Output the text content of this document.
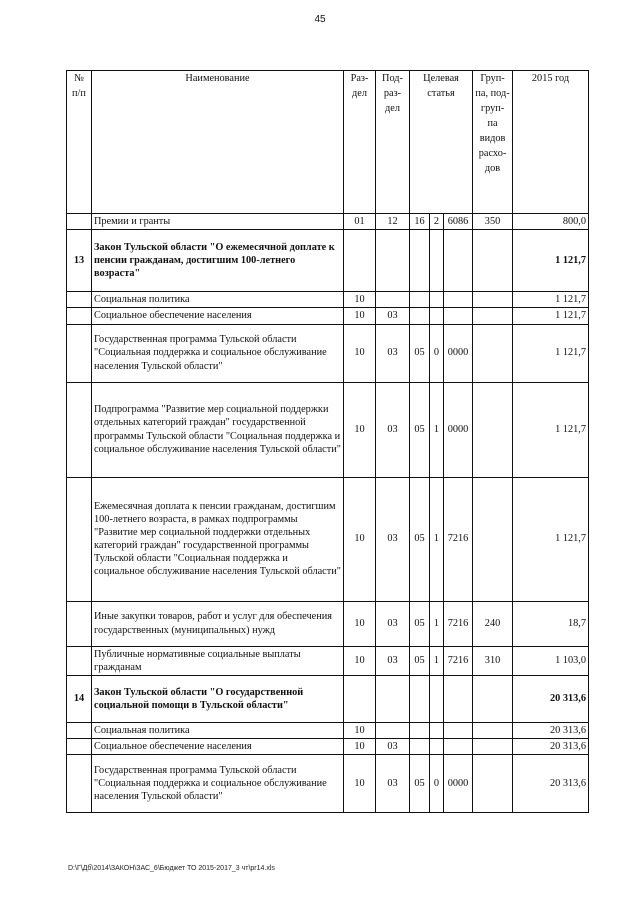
45
№ п/п	Наименование	Раз- дел	Под- раз- дел	Целевая статья			Груп- па, под- груп- па видов расхо- дов	2015 год
	Премии и гранты	01	12	16	2	6086	350	800,0
13	Закон Тульской области "О ежемесячной доплате к пенсии гражданам, достигшим 100-летнего возраста"							1 121,7
	Социальная политика	10						1 121,7
	Социальное обеспечение населения	10	03					1 121,7
	Государственная программа Тульской области "Социальная поддержка и социальное обслуживание населения Тульской области"	10	03	05	0	0000		1 121,7
	Подпрограмма "Развитие мер социальной поддержки отдельных категорий граждан" государственной программы Тульской области "Социальная поддержка и социальное обслуживание населения Тульской области"	10	03	05	1	0000		1 121,7
	Ежемесячная доплата к пенсии гражданам, достигшим 100-летнего возраста, в рамках подпрограммы "Развитие мер социальной поддержки отдельных категорий граждан" государственной программы Тульской области "Социальная поддержка и социальное обслуживание населения Тульской области"	10	03	05	1	7216		1 121,7
	Иные закупки товаров, работ и услуг для обеспечения государственных (муниципальных) нужд	10	03	05	1	7216	240	18,7
	Публичные нормативные социальные выплаты гражданам	10	03	05	1	7216	310	1 103,0
14	Закон Тульской области "О государственной социальной помощи в Тульской области"							20 313,6
	Социальная политика	10						20 313,6
	Социальное обеспечение населения	10	03					20 313,6
	Государственная программа Тульской области "Социальная поддержка и социальное обслуживание населения Тульской области"	10	03	05	0	0000		20 313,6
D:\Г\Дб\2014\ЗАКОН\ЗАС_6\Бюджет ТО 2015-2017_3 чт\pr14.xls
